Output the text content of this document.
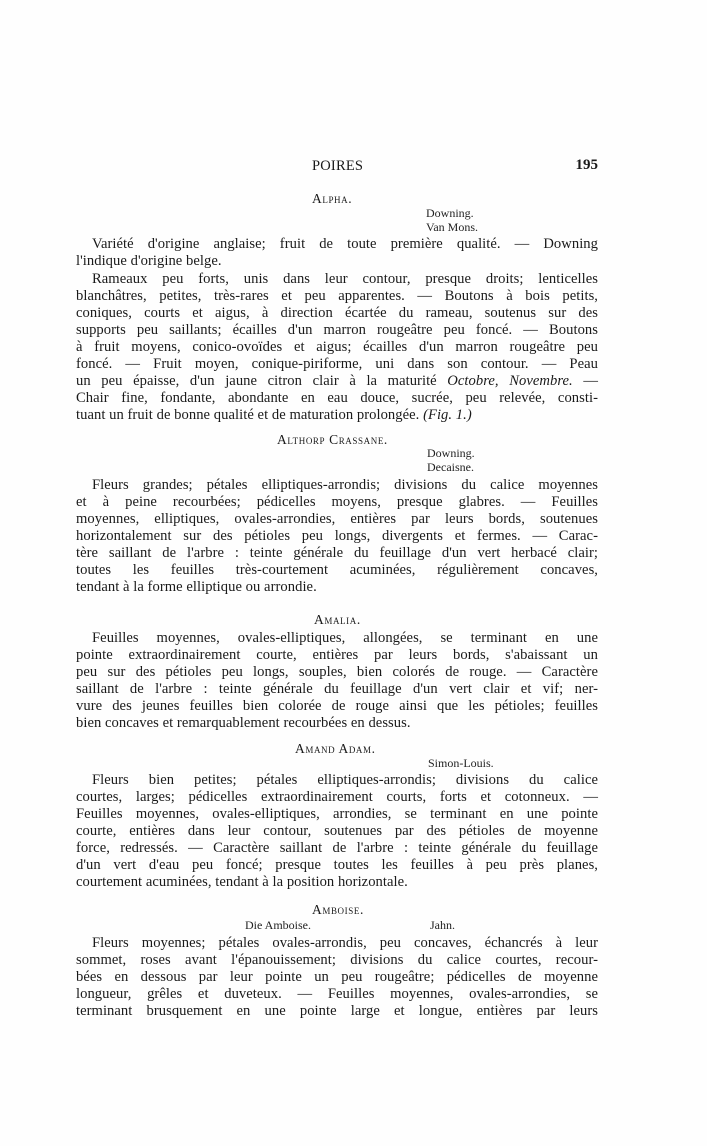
POIRES	195
Alpha.
Downing.
Van Mons.
Variété d'origine anglaise; fruit de toute première qualité. — Downing
l'indique d'origine belge.
Rameaux peu forts, unis dans leur contour, presque droits; lenticelles
blanchâtres, petites, très-rares et peu apparentes. — Boutons à bois petits,
coniques, courts et aigus, à direction écartée du rameau, soutenus sur des
supports peu saillants; écailles d'un marron rougeâtre peu foncé. — Boutons
à fruit moyens, conico-ovoïdes et aigus; écailles d'un marron rougeâtre peu
foncé. — Fruit moyen, conique-piriforme, uni dans son contour. — Peau
un peu épaisse, d'un jaune citron clair à la maturité Octobre, Novembre. —
Chair fine, fondante, abondante en eau douce, sucrée, peu relevée, consti-
tuant un fruit de bonne qualité et de maturation prolongée. (Fig. 1.)
Althorp Crassane.
Downing.
Decaisne.
Fleurs grandes; pétales elliptiques-arrondis; divisions du calice moyennes
et à peine recourbées; pédicelles moyens, presque glabres. — Feuilles
moyennes, elliptiques, ovales-arrondies, entières par leurs bords, soutenues
horizontalement sur des pétioles peu longs, divergents et fermes. — Carac-
tère saillant de l'arbre : teinte générale du feuillage d'un vert herbacé clair;
toutes les feuilles très-courtement acuminées, régulièrement concaves,
tendant à la forme elliptique ou arrondie.
Amalia.
Feuilles moyennes, ovales-elliptiques, allongées, se terminant en une
pointe extraordinairement courte, entières par leurs bords, s'abaissant un
peu sur des pétioles peu longs, souples, bien colorés de rouge. — Caractère
saillant de l'arbre : teinte générale du feuillage d'un vert clair et vif; ner-
vure des jeunes feuilles bien colorée de rouge ainsi que les pétioles; feuilles
bien concaves et remarquablement recourbées en dessus.
Amand Adam.
Simon-Louis.
Fleurs bien petites; pétales elliptiques-arrondis; divisions du calice
courtes, larges; pédicelles extraordinairement courts, forts et cotonneux. —
Feuilles moyennes, ovales-elliptiques, arrondies, se terminant en une pointe
courte, entières dans leur contour, soutenues par des pétioles de moyenne
force, redressés. — Caractère saillant de l'arbre : teinte générale du feuillage
d'un vert d'eau peu foncé; presque toutes les feuilles à peu près planes,
courtement acuminées, tendant à la position horizontale.
Amboise.
Die Amboise.	Jahn.
Fleurs moyennes; pétales ovales-arrondis, peu concaves, échancrés à leur
sommet, roses avant l'épanouissement; divisions du calice courtes, recour-
bées en dessous par leur pointe un peu rougeâtre; pédicelles de moyenne
longueur, grêles et duveteux. — Feuilles moyennes, ovales-arrondies, se
terminant brusquement en une pointe large et longue, entières par leurs
